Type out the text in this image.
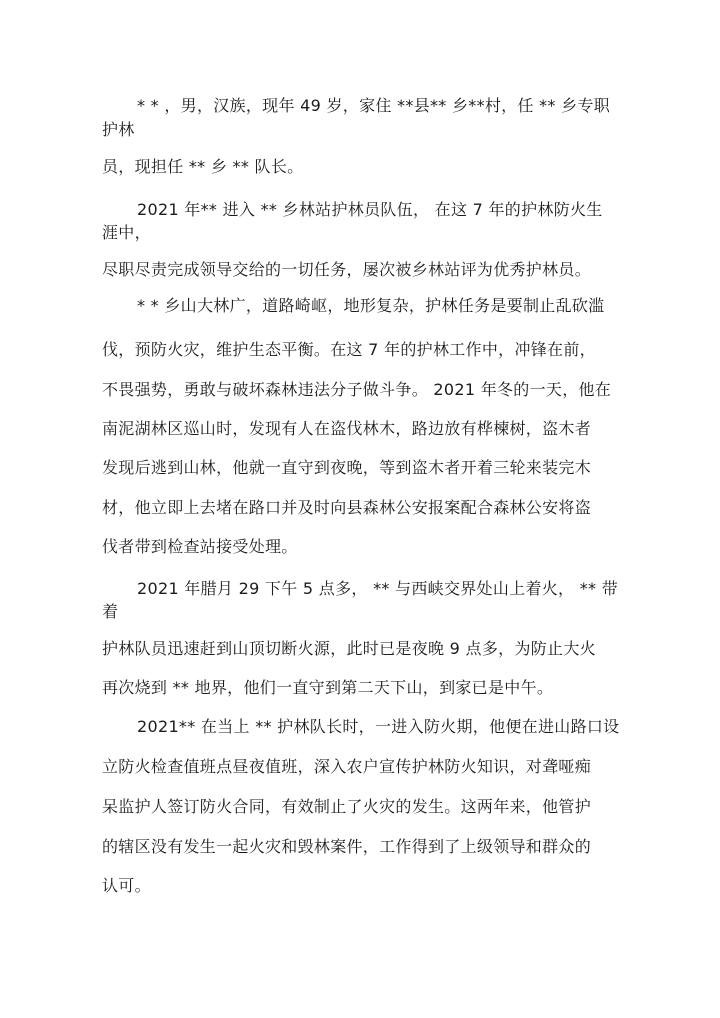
* * ，男，汉族，现年 49 岁，家住 **县** 乡**村，任 ** 乡专职
护林
员，现担任 ** 乡 ** 队长。
2021 年** 进入 ** 乡林站护林员队伍， 在这 7 年的护林防火生
涯中，
尽职尽责完成领导交给的一切任务，屡次被乡林站评为优秀护林员。
* * 乡山大林广，道路崎岖，地形复杂，护林任务是要制止乱砍滥
伐，预防火灾，维护生态平衡。在这 7 年的护林工作中，冲锋在前，
不畏强势，勇敢与破坏森林违法分子做斗争。 2021 年冬的一天，他在
南泥湖林区巡山时，发现有人在盗伐林木，路边放有桦楝树，盗木者
发现后逃到山林，他就一直守到夜晚，等到盗木者开着三轮来装完木
材，他立即上去堵在路口并及时向县森林公安报案配合森林公安将盗
伐者带到检查站接受处理。
2021 年腊月 29 下午 5 点多， ** 与西峡交界处山上着火， ** 带
着
护林队员迅速赶到山顶切断火源，此时已是夜晚 9 点多，为防止大火
再次烧到 ** 地界，他们一直守到第二天下山，到家已是中午。
2021** 在当上 ** 护林队长时，一进入防火期，他便在进山路口设
立防火检查值班点昼夜值班，深入农户宣传护林防火知识，对聋哑痴
呆监护人签订防火合同，有效制止了火灾的发生。这两年来，他管护
的辖区没有发生一起火灾和毁林案件，工作得到了上级领导和群众的
认可。
